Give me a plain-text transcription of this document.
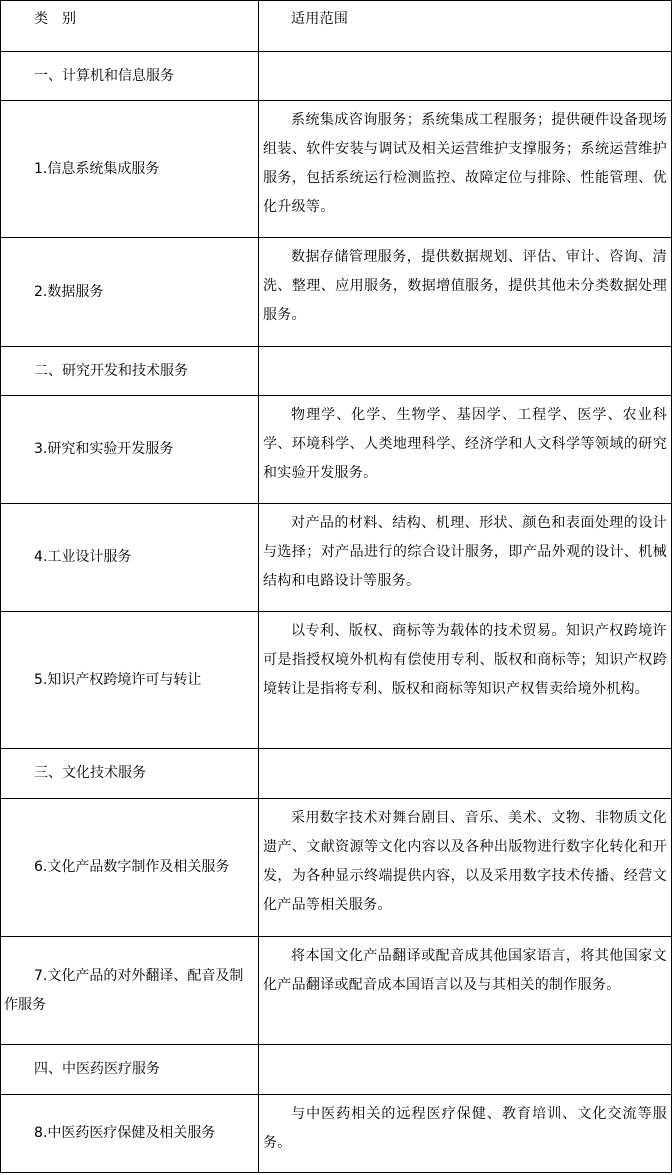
类　别	适用范围

一、计算机和信息服务	

1.信息系统集成服务	系统集成咨询服务；系统集成工程服务；提供硬件设备现场组装、软件安装与调试及相关运营维护支撑服务；系统运营维护服务，包括系统运行检测监控、故障定位与排除、性能管理、优化升级等。

2.数据服务	数据存储管理服务，提供数据规划、评估、审计、咨询、清洗、整理、应用服务，数据增值服务，提供其他未分类数据处理服务。

二、研究开发和技术服务	

3.研究和实验开发服务	物理学、化学、生物学、基因学、工程学、医学、农业科学、环境科学、人类地理科学、经济学和人文科学等领域的研究和实验开发服务。

4.工业设计服务	对产品的材料、结构、机理、形状、颜色和表面处理的设计与选择；对产品进行的综合设计服务，即产品外观的设计、机械结构和电路设计等服务。

5.知识产权跨境许可与转让	以专利、版权、商标等为载体的技术贸易。知识产权跨境许可是指授权境外机构有偿使用专利、版权和商标等；知识产权跨境转让是指将专利、版权和商标等知识产权售卖给境外机构。

三、文化技术服务	

6.文化产品数字制作及相关服务	采用数字技术对舞台剧目、音乐、美术、文物、非物质文化遗产、文献资源等文化内容以及各种出版物进行数字化转化和开发，为各种显示终端提供内容，以及采用数字技术传播、经营文化产品等相关服务。

7.文化产品的对外翻译、配音及制作服务	将本国文化产品翻译或配音成其他国家语言，将其他国家文化产品翻译或配音成本国语言以及与其相关的制作服务。

四、中医药医疗服务	

8.中医药医疗保健及相关服务	与中医药相关的远程医疗保健、教育培训、文化交流等服务。
